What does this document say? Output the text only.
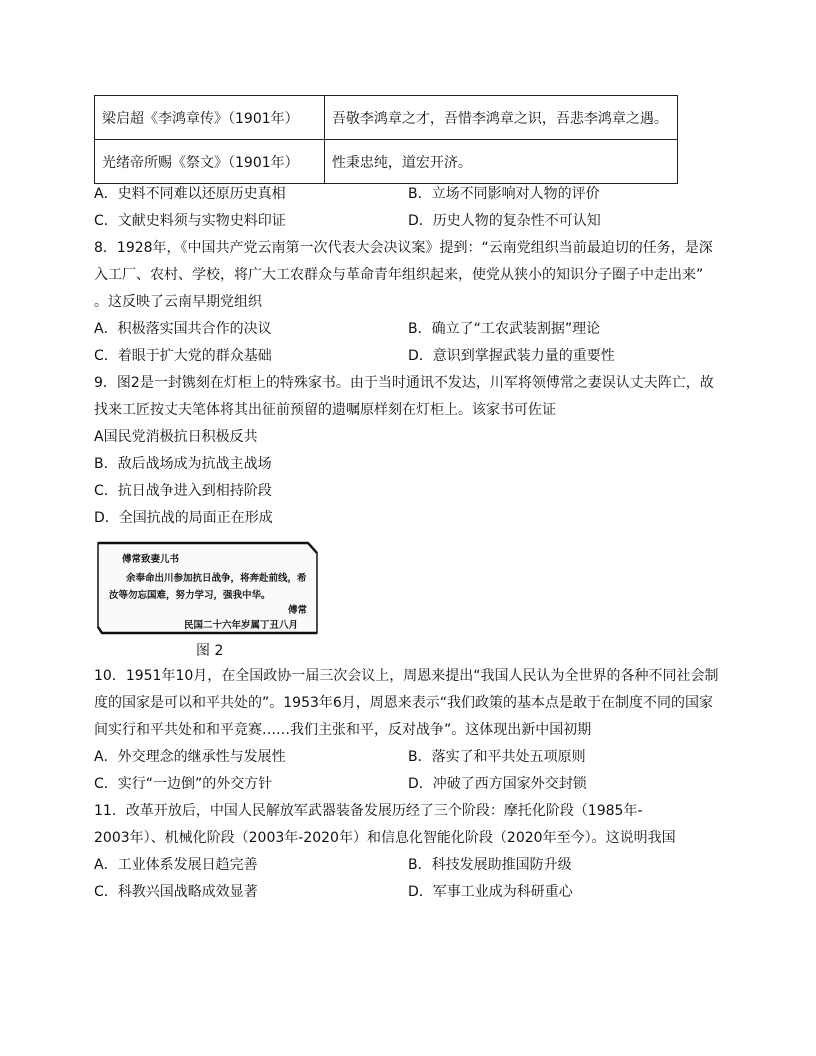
梁启超《李鸿章传》（1901年）	吾敬李鸿章之才，吾惜李鸿章之识，吾悲李鸿章之遇。
光绪帝所赐《祭文》（1901年）	性秉忠纯，道宏开济。
A．史料不同难以还原历史真相	B．立场不同影响对人物的评价
C．文献史料须与实物史料印证	D．历史人物的复杂性不可认知
8．1928年，《中国共产党云南第一次代表大会决议案》提到：“云南党组织当前最迫切的任务，是深
入工厂、农村、学校，将广大工农群众与革命青年组织起来，使党从狭小的知识分子圈子中走出来”
。这反映了云南早期党组织
A．积极落实国共合作的决议	B．确立了“工农武装割据”理论
C．着眼于扩大党的群众基础	D．意识到掌握武装力量的重要性
9．图2是一封镌刻在灯柜上的特殊家书。由于当时通讯不发达，川军将领傅常之妻误认丈夫阵亡，故
找来工匠按丈夫笔体将其出征前预留的遗嘱原样刻在灯柜上。该家书可佐证
A国民党消极抗日积极反共
B．敌后战场成为抗战主战场
C．抗日战争进入到相持阶段
D．全国抗战的局面正在形成
傅常致妻儿书
余奉命出川参加抗日战争，将奔赴前线，希
汝等勿忘国难，努力学习，强我中华。
傅常
民国二十六年岁属丁丑八月
图 2
10．1951年10月，在全国政协一届三次会议上，周恩来提出“我国人民认为全世界的各种不同社会制
度的国家是可以和平共处的”。1953年6月，周恩来表示“我们政策的基本点是敢于在制度不同的国家
间实行和平共处和和平竞赛……我们主张和平，反对战争”。这体现出新中国初期
A．外交理念的继承性与发展性	B．落实了和平共处五项原则
C．实行“一边倒”的外交方针	D．冲破了西方国家外交封锁
11．改革开放后，中国人民解放军武器装备发展历经了三个阶段：摩托化阶段（1985年-
2003年）、机械化阶段（2003年-2020年）和信息化智能化阶段（2020年至今）。这说明我国
A．工业体系发展日趋完善	B．科技发展助推国防升级
C．科教兴国战略成效显著	D．军事工业成为科研重心
